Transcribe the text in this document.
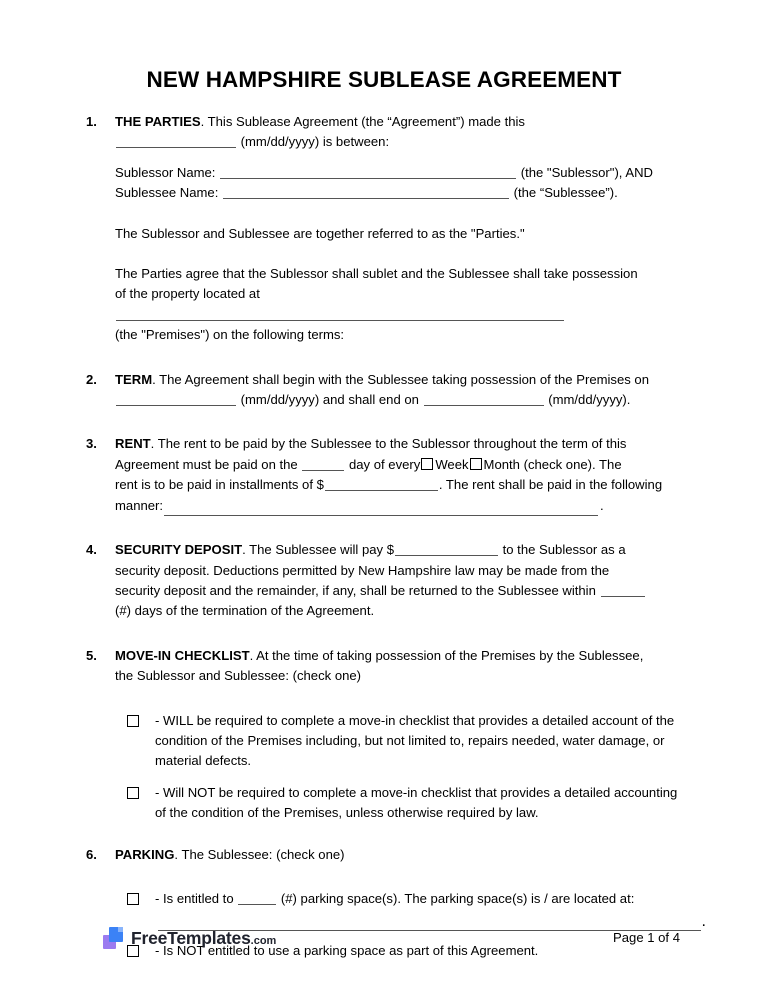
NEW HAMPSHIRE SUBLEASE AGREEMENT
1. THE PARTIES. This Sublease Agreement (the “Agreement”) made this

(mm/dd/yyyy) is between:

Sublessor Name:	(the "Sublessor"), AND

Sublessee Name:	(the “Sublessee”).

The Sublessor and Sublessee are together referred to as the "Parties."

The Parties agree that the Sublessor shall sublet and the Sublessee shall take possession

of the property located at

(the "Premises") on the following terms:

2. TERM. The Agreement shall begin with the Sublessee taking possession of the Premises on

(mm/dd/yyyy) and shall end on	(mm/dd/yyyy).

3. RENT. The rent to be paid by the Sublessee to the Sublessor throughout the term of this

Agreement must be paid on the	day of every Week Month (check one). The

rent is to be paid in installments of $	. The rent shall be paid in the following

manner:	.

4. SECURITY DEPOSIT. The Sublessee will pay $	to the Sublessor as a

security deposit. Deductions permitted by New Hampshire law may be made from the

security deposit and the remainder, if any, shall be returned to the Sublessee within

(#) days of the termination of the Agreement.

5. MOVE-IN CHECKLIST. At the time of taking possession of the Premises by the Sublessee,

the Sublessor and Sublessee: (check one)

- WILL be required to complete a move-in checklist that provides a detailed account of the condition of the Premises including, but not limited to, repairs needed, water damage, or material defects.
- Will NOT be required to complete a move-in checklist that provides a detailed accounting of the condition of the Premises, unless otherwise required by law.
6. PARKING. The Sublessee: (check one)

- Is entitled to	(#) parking space(s). The parking space(s) is / are located at:
.
- Is NOT entitled to use a parking space as part of this Agreement.
FreeTemplates.com	Page 1 of 4
